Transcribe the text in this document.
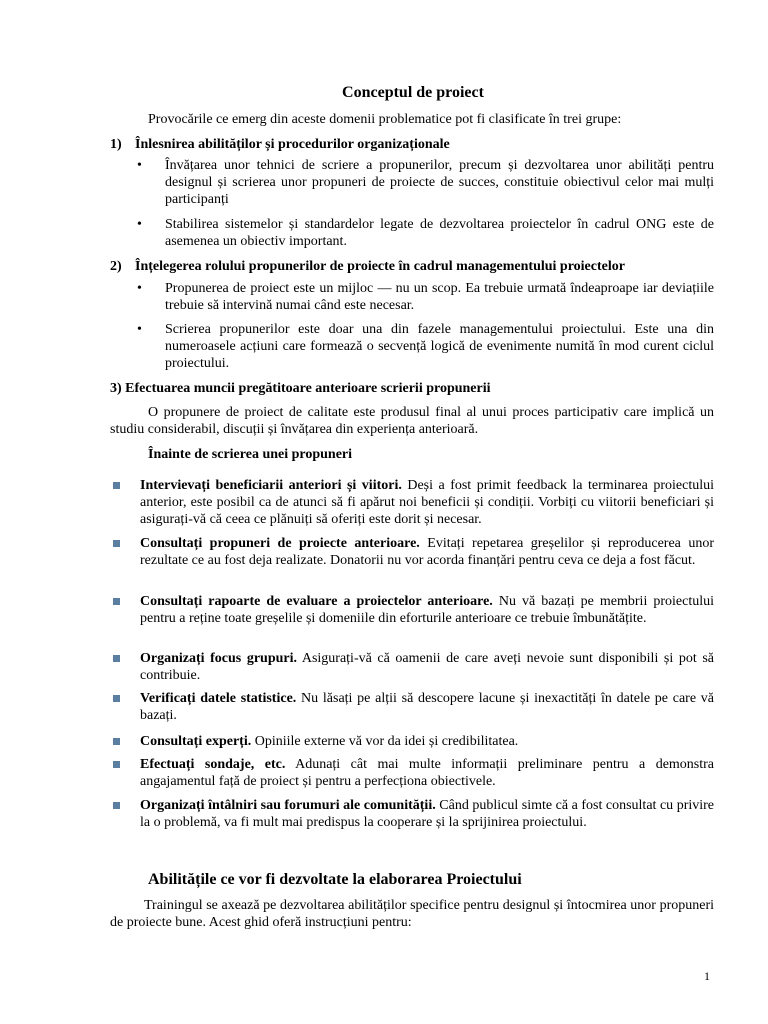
Conceptul de proiect
Provocările ce emerg din aceste domenii problematice pot fi clasificate în trei grupe:
1) Înlesnirea abilităților și procedurilor organizaționale
• Învățarea unor tehnici de scriere a propunerilor, precum și dezvoltarea unor abilități pentru designul și scrierea unor propuneri de proiecte de succes, constituie obiectivul celor mai mulți participanți
• Stabilirea sistemelor și standardelor legate de dezvoltarea proiectelor în cadrul ONG este de asemenea un obiectiv important.
2) Înțelegerea rolului propunerilor de proiecte în cadrul managementului proiectelor
• Propunerea de proiect este un mijloc — nu un scop. Ea trebuie urmată îndeaproape iar deviațiile trebuie să intervină numai când este necesar.
• Scrierea propunerilor este doar una din fazele managementului proiectului. Este una din numeroasele acțiuni care formează o secvență logică de evenimente numită în mod curent ciclul proiectului.
3) Efectuarea muncii pregătitoare anterioare scrierii propunerii
O propunere de proiect de calitate este produsul final al unui proces participativ care implică un studiu considerabil, discuții și învățarea din experiența anterioară.
Înainte de scrierea unei propuneri
Intervievați beneficiarii anteriori și viitori. Deși a fost primit feedback la terminarea proiectului anterior, este posibil ca de atunci să fi apărut noi beneficii și condiții. Vorbiți cu viitorii beneficiari și asigurați-vă că ceea ce plănuiți să oferiți este dorit și necesar.
Consultați propuneri de proiecte anterioare. Evitați repetarea greșelilor și reproducerea unor rezultate ce au fost deja realizate. Donatorii nu vor acorda finanțări pentru ceva ce deja a fost făcut.
Consultați rapoarte de evaluare a proiectelor anterioare. Nu vă bazați pe membrii proiectului pentru a reține toate greșelile și domeniile din eforturile anterioare ce trebuie îmbunătățite.
Organizați focus grupuri. Asigurați-vă că oamenii de care aveți nevoie sunt disponibili și pot să contribuie.
Verificați datele statistice. Nu lăsați pe alții să descopere lacune și inexactități în datele pe care vă bazați.
Consultați experți. Opiniile externe vă vor da idei și credibilitatea.
Efectuați sondaje, etc. Adunați cât mai multe informații preliminare pentru a demonstra angajamentul față de proiect și pentru a perfecționa obiectivele.
Organizați întâlniri sau forumuri ale comunității. Când publicul simte că a fost consultat cu privire la o problemă, va fi mult mai predispus la cooperare și la sprijinirea proiectului.
Abilitățile ce vor fi dezvoltate la elaborarea Proiectului
Trainingul se axează pe dezvoltarea abilităților specifice pentru designul și întocmirea unor propuneri de proiecte bune. Acest ghid oferă instrucțiuni pentru:
1
